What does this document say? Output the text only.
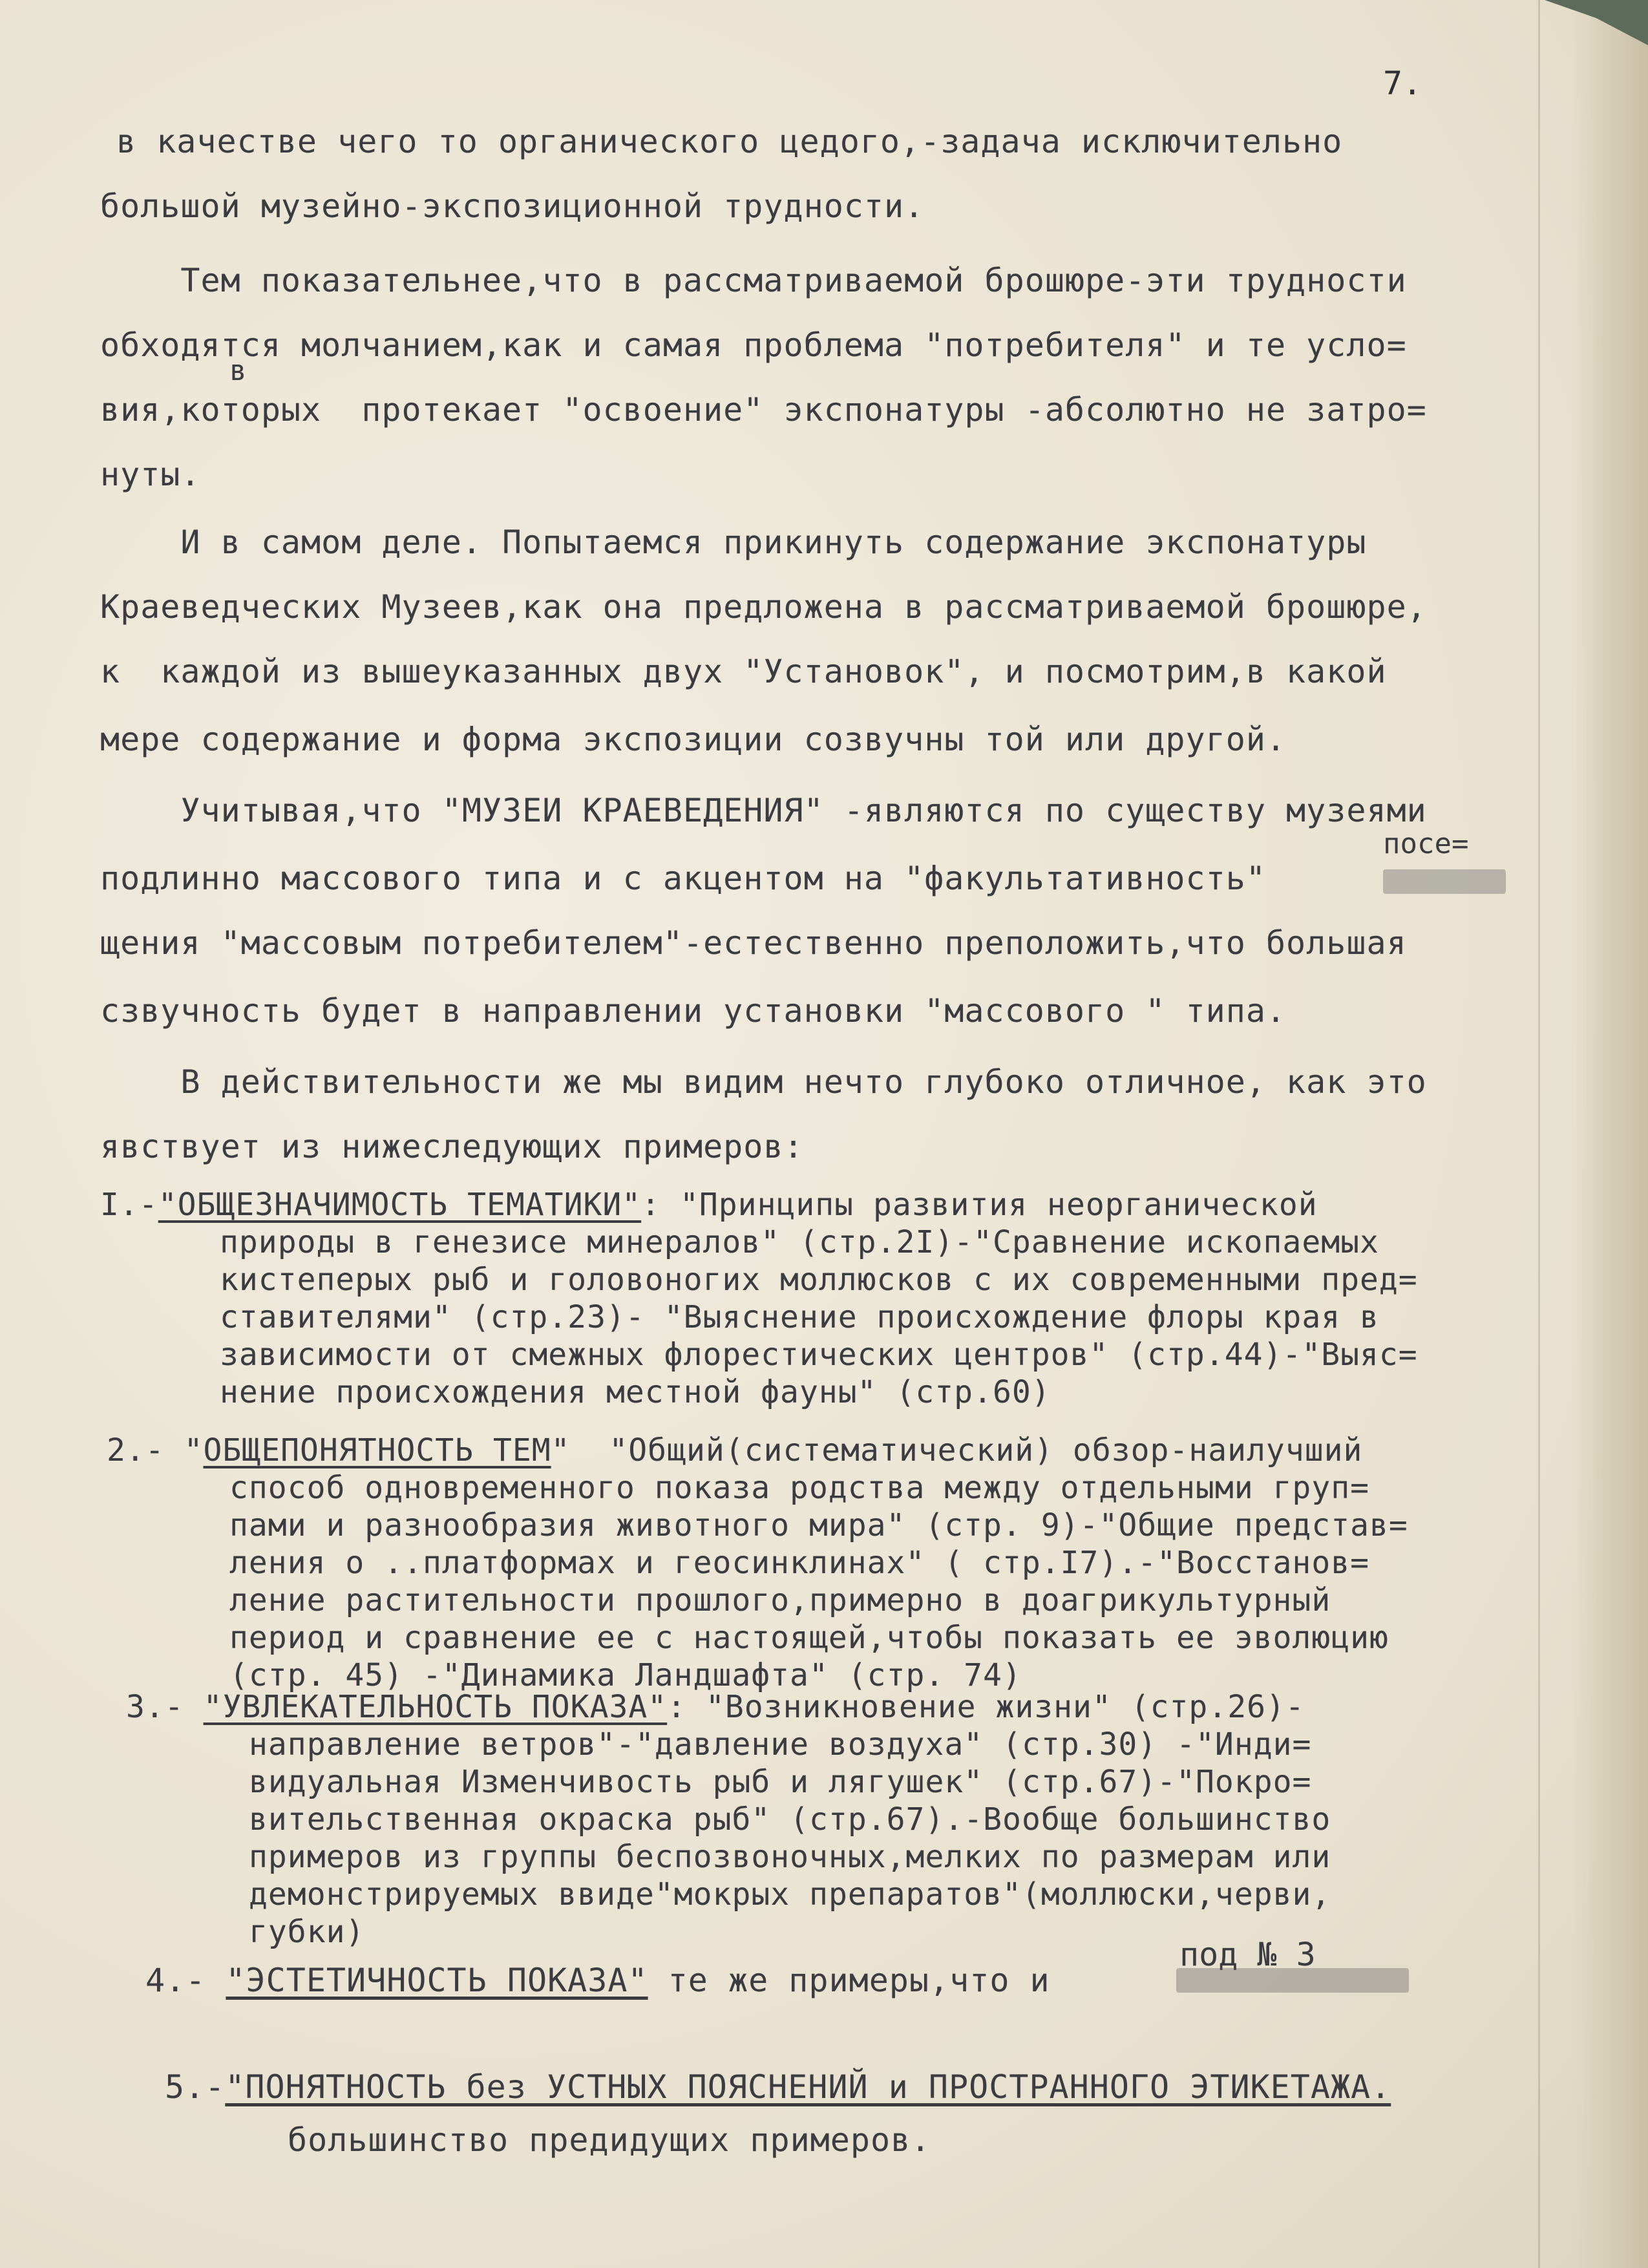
7.
в качестве чего то органического цедого,-задача исключительно
большой музейно-экспозиционной трудности.
Тем показательнее,что в рассматриваемой брошюре-эти трудности
обходятся молчанием,как и самая проблема "потребителя" и те усло=
в
вия,которых  протекает "освоение" экспонатуры -абсолютно не затро=
нуты.
И в самом деле. Попытаемся прикинуть содержание экспонатуры
Краеведческих Музеев,как она предложена в рассматриваемой брошюре,
к  каждой из вышеуказанных двух "Установок", и посмотрим,в какой
мере содержание и форма экспозиции созвучны той или другой.
Учитывая,что "МУЗЕИ КРАЕВЕДЕНИЯ" -являются по существу музеями
посе=
подлинно массового типа и с акцентом на "факультативность"
щения "массовым потребителем"-естественно преположить,что большая
сзвучность будет в направлении установки "массового " типа.
В действительности же мы видим нечто глубоко отличное, как это
явствует из нижеследующих примеров:
I.-"ОБЩЕЗНАЧИМОСТЬ ТЕМАТИКИ": "Принципы развития неорганической
природы в генезисе минералов" (стр.2I)-"Сравнение ископаемых
кистеперых рыб и головоногих моллюсков с их современными пред=
ставителями" (стр.23)- "Выяснение происхождение флоры края в
зависимости от смежных флорестических центров" (стр.44)-"Выяс=
нение происхождения местной фауны" (стр.60)
2.- "ОБЩЕПОНЯТНОСТЬ ТЕМ"  "Общий(систематический) обзор-наилучший
способ одновременного показа родства между отдельными груп=
пами и разнообразия животного мира" (стр. 9)-"Общие представ=
ления о ..платформах и геосинклинах" ( стр.I7).-"Восстанов=
ление растительности прошлого,примерно в доагрикультурный
период и сравнение ее с настоящей,чтобы показать ее эволюцию
(стр. 45) -"Динамика Ландшафта" (стр. 74)
3.- "УВЛЕКАТЕЛЬНОСТЬ ПОКАЗА": "Возникновение жизни" (стр.26)-
направление ветров"-"давление воздуха" (стр.30) -"Инди=
видуальная Изменчивость рыб и лягушек" (стр.67)-"Покро=
вительственная окраска рыб" (стр.67).-Вообще большинство
примеров из группы беспозвоночных,мелких по размерам или
демонстрируемых ввиде"мокрых препаратов"(моллюски,черви,
губки)
под № 3
4.- "ЭСТЕТИЧНОСТЬ ПОКАЗА" те же примеры,что и
5.-"ПОНЯТНОСТЬ без УСТНЫХ ПОЯСНЕНИЙ и ПРОСТРАННОГО ЭТИКЕТАЖА.
большинство предидущих примеров.
